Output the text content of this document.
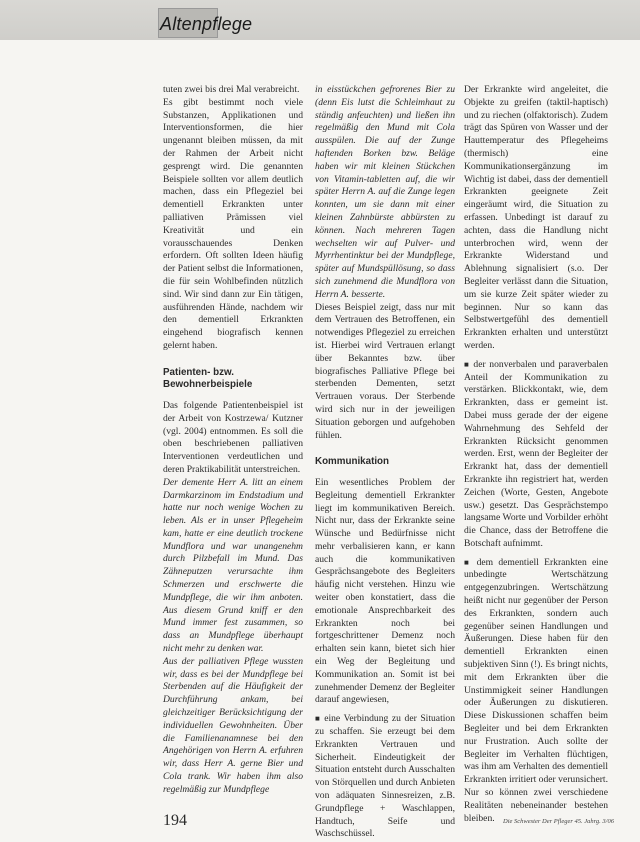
Altenpflege

tuten zwei bis drei Mal verabreicht.

Es gibt bestimmt noch viele Substanzen, Applikationen und Interventionsformen, die hier ungenannt bleiben müssen, da mit der Rahmen der Arbeit nicht gesprengt wird. Die genannten Beispiele sollten vor allem deutlich machen, dass ein Pflegeziel bei dementiell Erkrankten unter palliativen Prämissen viel Kreativität und ein vorausschauendes Denken erfordern. Oft sollten Ideen häufig der Patient selbst die Informationen, die für sein Wohlbefinden nützlich sind. Wir sind dann zur Ein tätigen, ausführenden Hände, nachdem wir den dementiell Erkrankten eingehend biografisch kennen gelernt haben.

Patienten- bzw.
Bewohnerbeispiele

Das folgende Patientenbeispiel ist der Arbeit von Kostrzewa/ Kutzner (vgl. 2004) entnommen. Es soll die oben beschriebenen palliativen Interventionen verdeutlichen und deren Praktikabilität unterstreichen.

Der demente Herr A. litt an einem Darmkarzinom im Endstadium und hatte nur noch wenige Wochen zu leben. Als er in unser Pflegeheim kam, hatte er eine deutlich trockene Mundflora und war unangenehm durch Pilzbefall im Mund. Das Zähneputzen verursachte ihm Schmerzen und erschwerte die Mundpflege, die wir ihm anboten. Aus diesem Grund kniff er den Mund immer fest zusammen, so dass an Mundpflege überhaupt nicht mehr zu denken war.

Aus der palliativen Pflege wussten wir, dass es bei der Mundpflege bei Sterbenden auf die Häufigkeit der Durchführung ankam, bei gleichzeitiger Berücksichtigung der individuellen Gewohnheiten. Über die Familienanamnese bei den Angehörigen von Herrn A. erfuhren wir, dass Herr A. gerne Bier und Cola trank. Wir haben ihm also regelmäßig zur Mundpflege

in eisstückchen gefrorenes Bier zu (denn Eis lutst die Schleimhaut zu ständig anfeuchten) und ließen ihn regelmäßig den Mund mit Cola ausspülen. Die auf der Zunge haftenden Borken bzw. Beläge haben wir mit kleinen Stückchen von Vitamin-tabletten auf, die wir später Herrn A. auf die Zunge legen konnten, um sie dann mit einer kleinen Zahnbürste abbürsten zu können. Nach mehreren Tagen wechselten wir auf Pulver- und Myrrhentinktur bei der Mundpflege, später auf Mundspüllösung, so dass sich zunehmend die Mundflora von Herrn A. besserte.

Dieses Beispiel zeigt, dass nur mit dem Vertrauen des Betroffenen, ein notwendiges Pflegeziel zu erreichen ist. Hierbei wird Vertrauen erlangt über Bekanntes bzw. über biografisches Palliative Pflege bei sterbenden Dementen, setzt Vertrauen voraus. Der Sterbende wird sich nur in der jeweiligen Situation geborgen und aufgehoben fühlen.

Kommunikation

Ein wesentliches Problem der Begleitung dementiell Erkrankter liegt im kommunikativen Bereich. Nicht nur, dass der Erkrankte seine Wünsche und Bedürfnisse nicht mehr verbalisieren kann, er kann auch die kommunikativen Gesprächsangebote des Begleiters häufig nicht verstehen. Hinzu wie weiter oben konstatiert, dass die emotionale Ansprechbarkeit des Erkrankten noch bei fortgeschrittener Demenz noch erhalten sein kann, bietet sich hier ein Weg der Begleitung und Kommunikation an. Somit ist bei zunehmender Demenz der Begleiter darauf angewiesen,

■ eine Verbindung zu der Situation zu schaffen. Sie erzeugt bei dem Erkrankten Vertrauen und Sicherheit. Eindeutigkeit der Situation entsteht durch Ausschalten von Störquellen und durch Anbieten von adäquaten Sinnesreizen, z.B. Grundpflege + Waschlappen, Handtuch, Seife und Waschschüssel.

Der Erkrankte wird angeleitet, die Objekte zu greifen (taktil-haptisch) und zu riechen (olfaktorisch). Zudem trägt das Spüren von Wasser und der Hauttemperatur des Pflegeheims (thermisch) eine Kommunikationsergänzung im Wichtig ist dabei, dass der dementiell Erkrankten geeignete Zeit eingeräumt wird, die Situation zu erfassen. Unbedingt ist darauf zu achten, dass die Handlung nicht unterbrochen wird, wenn der Erkrankte Widerstand und Ablehnung signalisiert (s.o. Der Begleiter verlässt dann die Situation, um sie kurze Zeit später wieder zu beginnen. Nur so kann das Selbstwertgefühl des dementiell Erkrankten erhalten und unterstützt werden.

■ der nonverbalen und paraverbalen Anteil der Kommunikation zu verstärken. Blickkontakt, wie, dem Erkrankten, dass er gemeint ist. Dabei muss gerade der der eigene Wahrnehmung des Sehfeld der Erkrankten Rücksicht genommen werden. Erst, wenn der Begleiter der Erkrankt hat, dass der dementiell Erkrankte ihn registriert hat, werden Zeichen (Worte, Gesten, Angebote usw.) gesetzt. Das Gesprächstempo langsame Worte und Vorbilder erhöht die Chance, dass der Betroffene die Botschaft aufnimmt.

■ dem dementiell Erkrankten eine unbedingte Wertschätzung entgegenzubringen. Wertschätzung heißt nicht nur gegenüber der Person des Erkrankten, sondern auch gegenüber seinen Handlungen und Äußerungen. Diese haben für den dementiell Erkrankten einen subjektiven Sinn (!). Es bringt nichts, mit dem Erkrankten über die Unstimmigkeit seiner Handlungen oder Äußerungen zu diskutieren. Diese Diskussionen schaffen beim Begleiter und bei dem Erkrankten nur Frustration. Auch sollte der Begleiter im Verhalten flüchtigen, was ihm am Verhalten des dementiell Erkrankten irritiert oder verunsichert. Nur so können zwei verschiedene Realitäten nebeneinander bestehen bleiben.

194	Die Schwester Der Pfleger 45. Jahrg. 3/06
